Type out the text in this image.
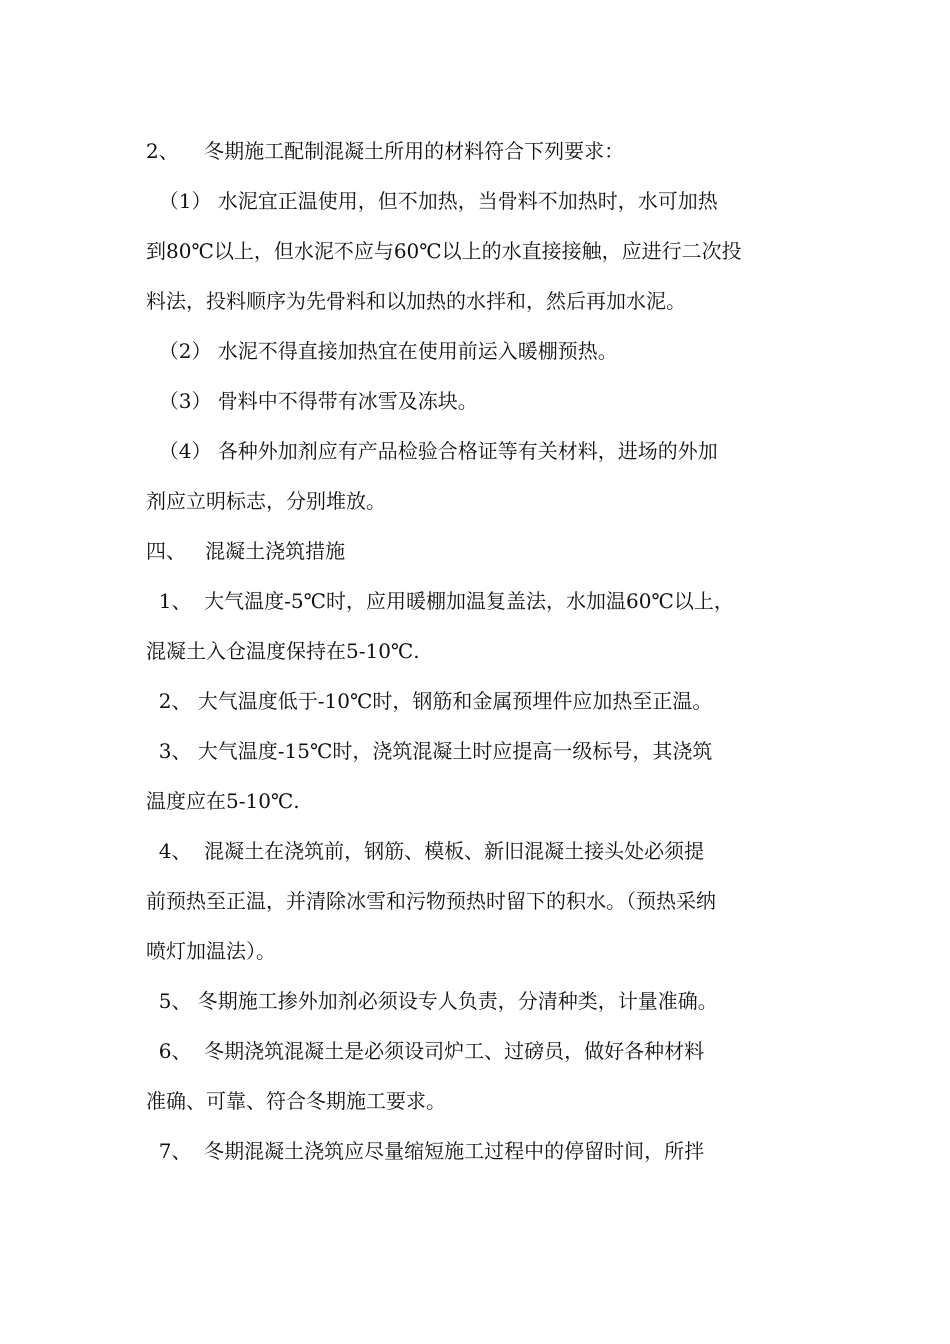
2、    冬期施工配制混凝土所用的材料符合下列要求：

（1） 水泥宜正温使用，但不加热，当骨料不加热时，水可加热

到80℃以上，但水泥不应与60℃以上的水直接接触，应进行二次投

料法，投料顺序为先骨料和以加热的水拌和，然后再加水泥。

（2） 水泥不得直接加热宜在使用前运入暖棚预热。

（3） 骨料中不得带有冰雪及冻块。

（4） 各种外加剂应有产品检验合格证等有关材料，进场的外加

剂应立明标志，分别堆放。

四、   混凝土浇筑措施

1、  大气温度-5℃时，应用暖棚加温复盖法，水加温60℃以上，

混凝土入仓温度保持在5-10℃.

2、 大气温度低于-10℃时，钢筋和金属预埋件应加热至正温。

3、 大气温度-15℃时，浇筑混凝土时应提高一级标号，其浇筑

温度应在5-10℃.

4、  混凝土在浇筑前，钢筋、模板、新旧混凝土接头处必须提

前预热至正温，并清除冰雪和污物预热时留下的积水。（预热采纳

喷灯加温法）。

5、 冬期施工掺外加剂必须设专人负责，分清种类，计量准确。

6、  冬期浇筑混凝土是必须设司炉工、过磅员，做好各种材料

准确、可靠、符合冬期施工要求。

7、  冬期混凝土浇筑应尽量缩短施工过程中的停留时间，所拌
